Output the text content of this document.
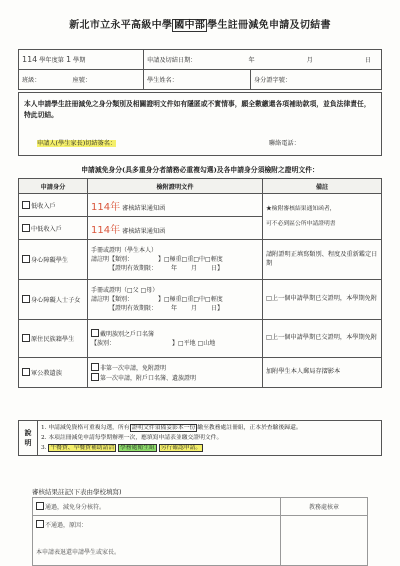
新北市立永平高級中學 國中部 學生註冊減免申請及切結書
114 學年度第 1 學期	申請及切結日期： 年 月 日	
班級： 座號：	學生姓名：	身分證字號：
本人申請學生註冊減免之身分類別及相關證明文件如有隱匿或不實情事，願全數繳還各項補助款項，並負法律責任，特此切結。
申請人(學生家長)切結簽名：	聯絡電話：
申請減免身分(具多重身分者請務必重複勾選)及各申請身分須檢附之證明文件：
申請身分	檢附證明文件	備註
低收入戶	114年 審核結果通知函	★檢附審核結果通知函者，
可不必到區公所申請證明書

中低收入戶	114年 審核結果通知函	
身心障礙學生	手冊或證明（學生本人）
請註明【類別： 】□極重□重□中□輕度
【證明有效期限： 年 月 日】	請附證明正填寫類別、程度及重新鑑定日期
身心障礙人士子女	手冊或證明（□父 □母）
請註明【類別： 】□極重□重□中□輕度
【證明有效期限： 年 月 日】	□上一個申請學期已交證明，本學期免附
原住民族籍學生	戴明族別之戶口名簿
【族別： 】□平地 □山地	□上一個申請學期已交證明，本學期免附
軍公教遺族	非第一次申請，免附證明
第一次申請，附戶口名簿、遺族證明	加附學生本人郵局存摺影本
說明	
1. 申請減免資格可重複勾選，所有 證明文件須備妥影本一份 繳至教務處註冊組，正本於查驗後歸還。
2. 本項註冊減免申請每學期辦理一次，應填寫申請表並繳交證明文件。
3. 午餐費、早餐費補助請洽 學務處衛生組 另行確認申請。
審核結果註記(下表由學校填寫)
通過，減免身分核符。	教務處核章

不通過，原因：
本申請表退還申請學生或家長。	
